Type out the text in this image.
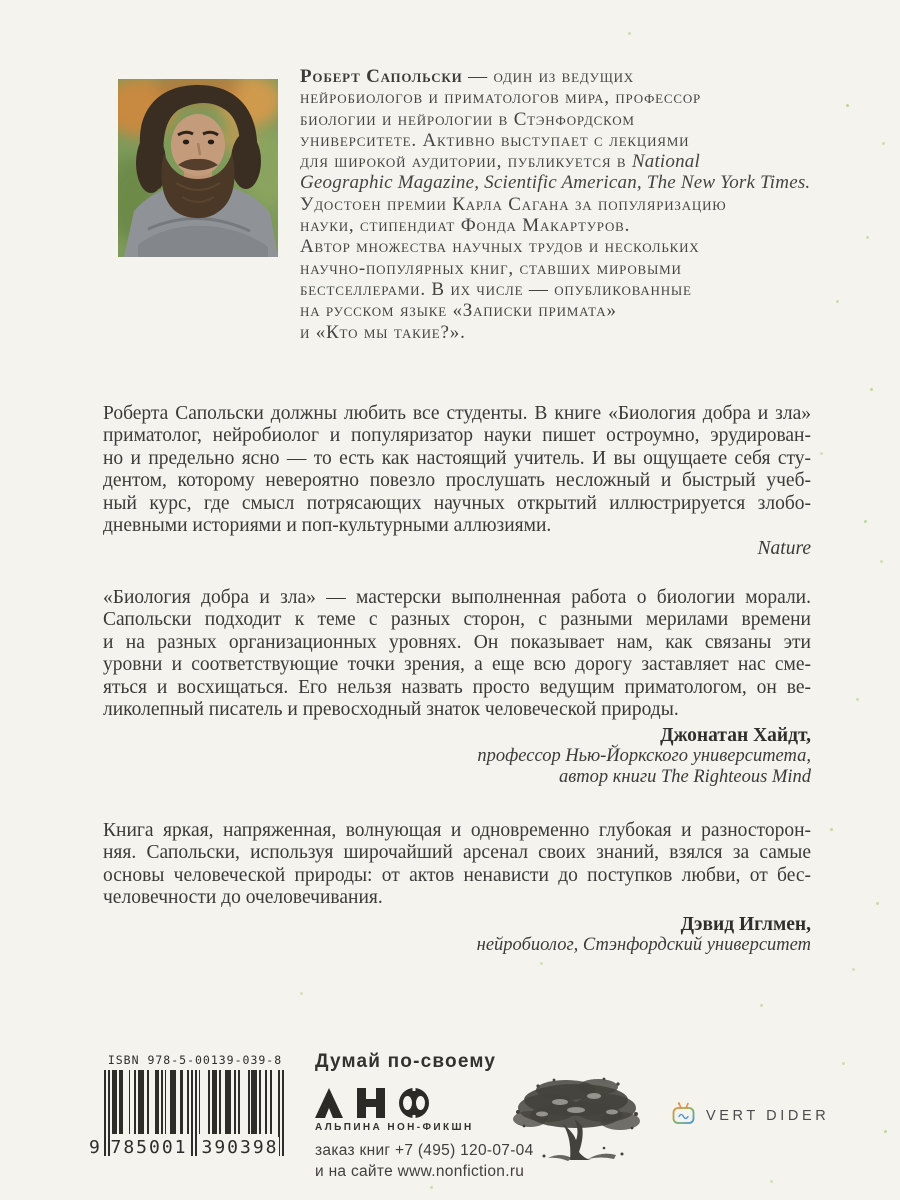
Роберт Сапольски — один из ведущих
нейробиологов и приматологов мира, профессор
биологии и нейрологии в Стэнфордском
университете. Активно выступает с лекциями
для широкой аудитории, публикуется в National
Geographic Magazine, Scientific American, The New York Times.
Удостоен премии Карла Сагана за популяризацию
науки, стипендиат Фонда Макартуров.
Автор множества научных трудов и нескольких
научно-популярных книг, ставших мировыми
бестселлерами. В их числе — опубликованные
на русском языке «Записки примата»
и «Кто мы такие?».
Роберта Сапольски должны любить все студенты. В книге «Биология добра и зла»
приматолог, нейробиолог и популяризатор науки пишет остроумно, эрудирован-
но и предельно ясно — то есть как настоящий учитель. И вы ощущаете себя сту-
дентом, которому невероятно повезло прослушать несложный и быстрый учеб-
ный курс, где смысл потрясающих научных открытий иллюстрируется злобо-
дневными историями и поп-культурными аллюзиями.
Nature
«Биология добра и зла» — мастерски выполненная работа о биологии морали.
Сапольски подходит к теме с разных сторон, с разными мерилами времени
и на разных организационных уровнях. Он показывает нам, как связаны эти
уровни и соответствующие точки зрения, а еще всю дорогу заставляет нас сме-
яться и восхищаться. Его нельзя назвать просто ведущим приматологом, он ве-
ликолепный писатель и превосходный знаток человеческой природы.
Джонатан Хайдт,
профессор Нью-Йоркского университета,
автор книги The Righteous Mind
Книга яркая, напряженная, волнующая и одновременно глубокая и разносторон-
няя. Сапольски, используя широчайший арсенал своих знаний, взялся за самые
основы человеческой природы: от актов ненависти до поступков любви, от бес-
человечности до очеловечивания.
Дэвид Иглмен,
нейробиолог, Стэнфордский университет
ISBN 978-5-00139-039-8
9 785001 390398
Думай по-своему
АЛЬПИНА НОН-ФИКШН
заказ книг +7 (495) 120-07-04
и на сайте www.nonfiction.ru
VERT DIDER
